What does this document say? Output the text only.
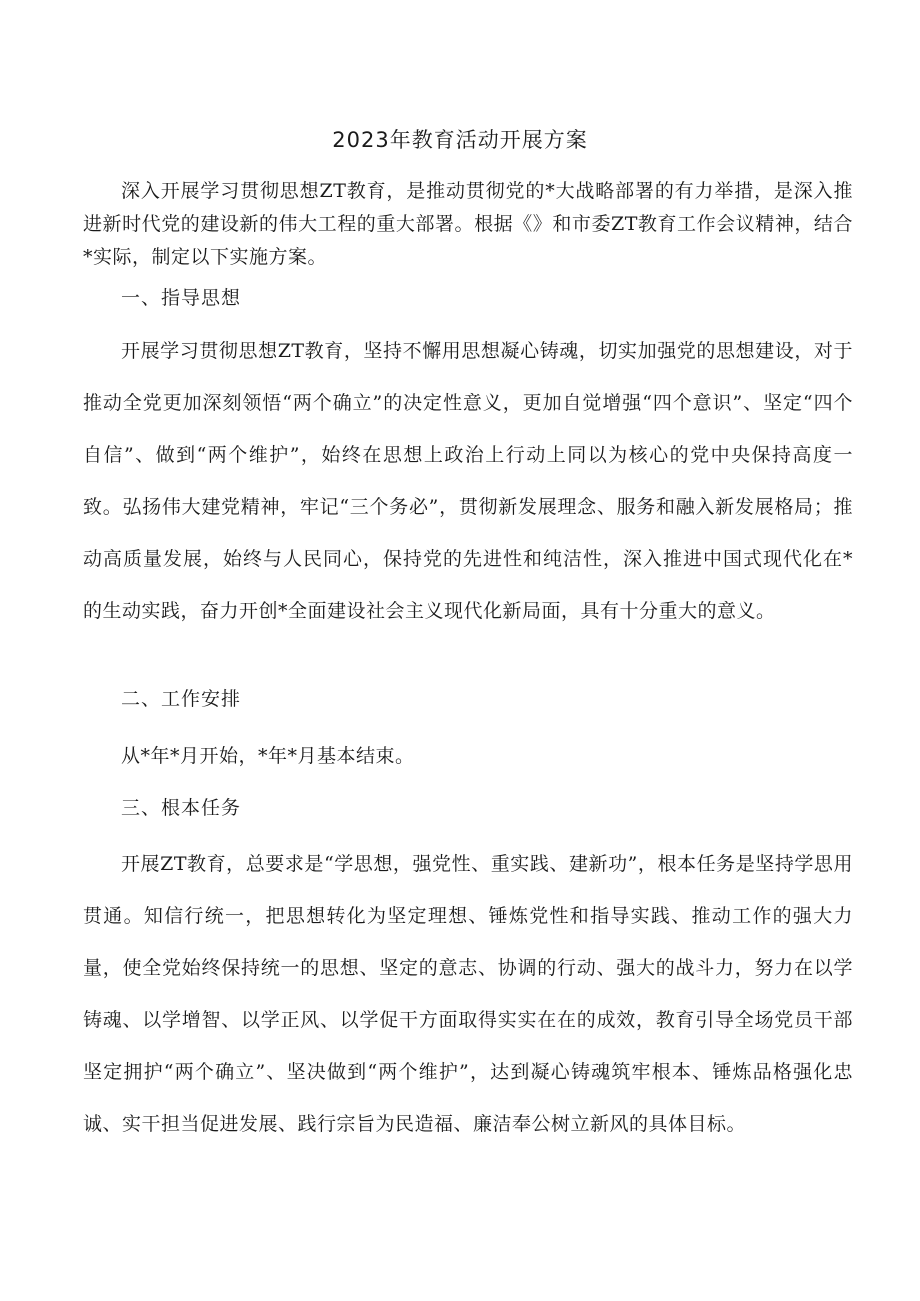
2023年教育活动开展方案

深入开展学习贯彻思想ZT教育，是推动贯彻党的*大战略部署的有力举措，是深入推进新时代党的建设新的伟大工程的重大部署。根据《》和市委ZT教育工作会议精神，结合*实际，制定以下实施方案。

一、指导思想

开展学习贯彻思想ZT教育，坚持不懈用思想凝心铸魂，切实加强党的思想建设，对于推动全党更加深刻领悟“两个确立”的决定性意义，更加自觉增强“四个意识”、坚定“四个自信”、做到“两个维护”，始终在思想上政治上行动上同以为核心的党中央保持高度一致。弘扬伟大建党精神，牢记“三个务必”，贯彻新发展理念、服务和融入新发展格局；推动高质量发展，始终与人民同心，保持党的先进性和纯洁性，深入推进中国式现代化在*的生动实践，奋力开创*全面建设社会主义现代化新局面，具有十分重大的意义。

二、工作安排

从*年*月开始，*年*月基本结束。

三、根本任务

开展ZT教育，总要求是“学思想，强党性、重实践、建新功”，根本任务是坚持学思用贯通。知信行统一，把思想转化为坚定理想、锤炼党性和指导实践、推动工作的强大力量，使全党始终保持统一的思想、坚定的意志、协调的行动、强大的战斗力，努力在以学铸魂、以学增智、以学正风、以学促干方面取得实实在在的成效，教育引导全场党员干部坚定拥护“两个确立”、坚决做到“两个维护”，达到凝心铸魂筑牢根本、锤炼品格强化忠诚、实干担当促进发展、践行宗旨为民造福、廉洁奉公树立新风的具体目标。
